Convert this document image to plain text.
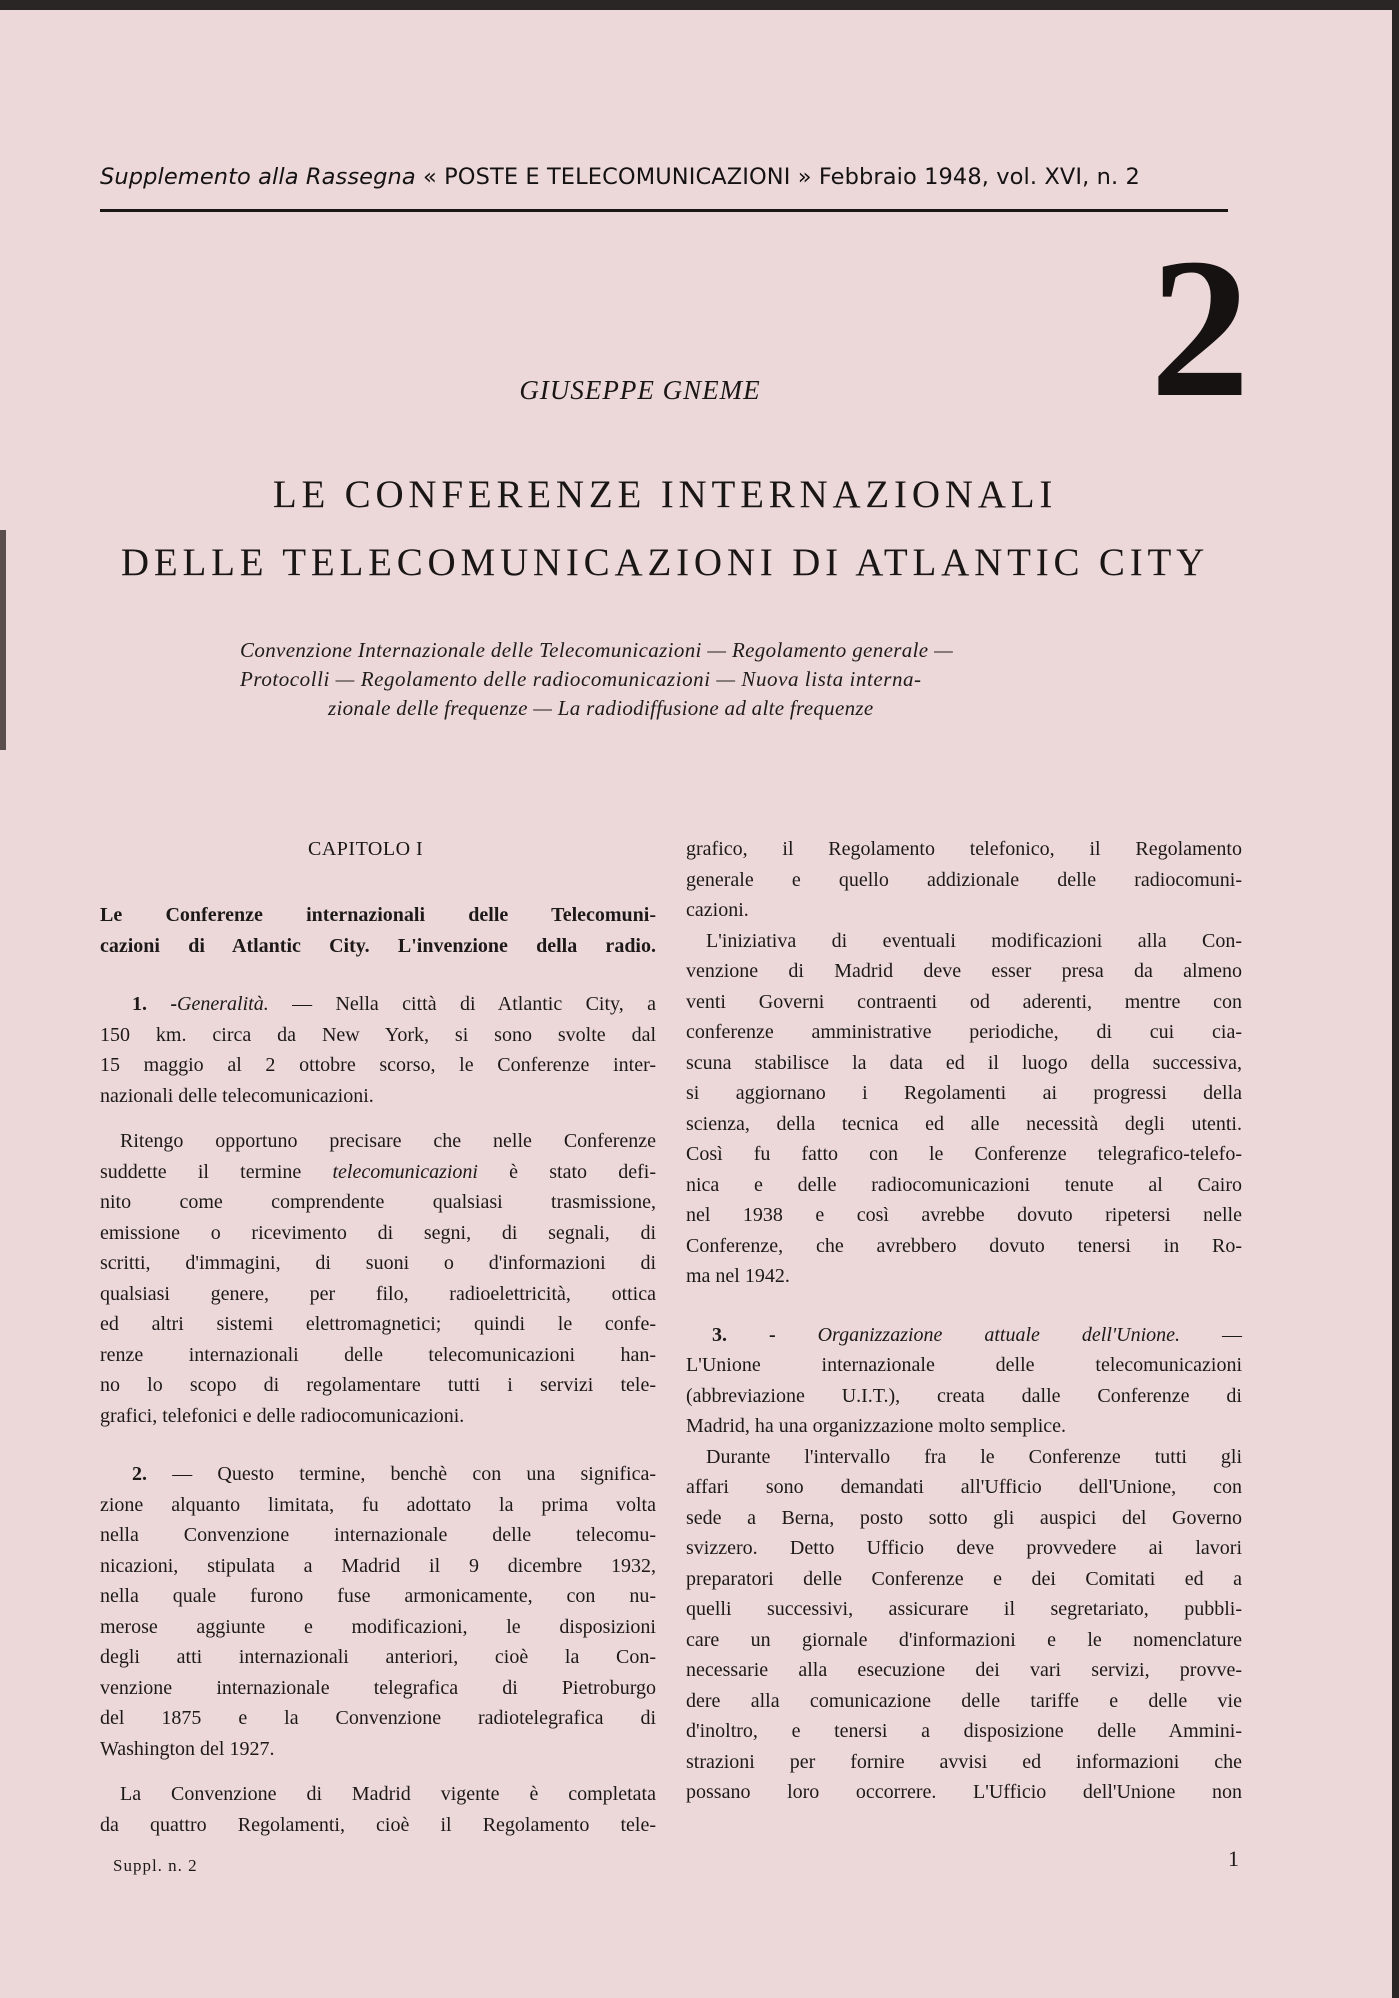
Supplemento alla Rassegna « POSTE E TELECOMUNICAZIONI » Febbraio 1948, vol. XVI, n. 2
2
GIUSEPPE GNEME
LE CONFERENZE INTERNAZIONALI
DELLE TELECOMUNICAZIONI DI ATLANTIC CITY
Convenzione Internazionale delle Telecomunicazioni — Regolamento generale —
Protocolli — Regolamento delle radiocomunicazioni — Nuova lista interna-
zionale delle frequenze — La radiodiffusione ad alte frequenze
CAPITOLO I
Le Conferenze internazionali delle Telecomuni-
cazioni di Atlantic City. L'invenzione della radio.
1. -Generalità. — Nella città di Atlantic City, a
150 km. circa da New York, si sono svolte dal
15 maggio al 2 ottobre scorso, le Conferenze inter-
nazionali delle telecomunicazioni.
Ritengo opportuno precisare che nelle Conferenze
suddette il termine telecomunicazioni è stato defi-
nito come comprendente qualsiasi trasmissione,
emissione o ricevimento di segni, di segnali, di
scritti, d'immagini, di suoni o d'informazioni di
qualsiasi genere, per filo, radioelettricità, ottica
ed altri sistemi elettromagnetici; quindi le confe-
renze internazionali delle telecomunicazioni han-
no lo scopo di regolamentare tutti i servizi tele-
grafici, telefonici e delle radiocomunicazioni.
2. — Questo termine, benchè con una significa-
zione alquanto limitata, fu adottato la prima volta
nella Convenzione internazionale delle telecomu-
nicazioni, stipulata a Madrid il 9 dicembre 1932,
nella quale furono fuse armonicamente, con nu-
merose aggiunte e modificazioni, le disposizioni
degli atti internazionali anteriori, cioè la Con-
venzione internazionale telegrafica di Pietroburgo
del 1875 e la Convenzione radiotelegrafica di
Washington del 1927.
La Convenzione di Madrid vigente è completata
da quattro Regolamenti, cioè il Regolamento tele-
grafico, il Regolamento telefonico, il Regolamento
generale e quello addizionale delle radiocomuni-
cazioni.
L'iniziativa di eventuali modificazioni alla Con-
venzione di Madrid deve esser presa da almeno
venti Governi contraenti od aderenti, mentre con
conferenze amministrative periodiche, di cui cia-
scuna stabilisce la data ed il luogo della successiva,
si aggiornano i Regolamenti ai progressi della
scienza, della tecnica ed alle necessità degli utenti.
Così fu fatto con le Conferenze telegrafico-telefo-
nica e delle radiocomunicazioni tenute al Cairo
nel 1938 e così avrebbe dovuto ripetersi nelle
Conferenze, che avrebbero dovuto tenersi in Ro-
ma nel 1942.
3. - Organizzazione attuale dell'Unione. —
L'Unione internazionale delle telecomunicazioni
(abbreviazione U.I.T.), creata dalle Conferenze di
Madrid, ha una organizzazione molto semplice.
Durante l'intervallo fra le Conferenze tutti gli
affari sono demandati all'Ufficio dell'Unione, con
sede a Berna, posto sotto gli auspici del Governo
svizzero. Detto Ufficio deve provvedere ai lavori
preparatori delle Conferenze e dei Comitati ed a
quelli successivi, assicurare il segretariato, pubbli-
care un giornale d'informazioni e le nomenclature
necessarie alla esecuzione dei vari servizi, provve-
dere alla comunicazione delle tariffe e delle vie
d'inoltro, e tenersi a disposizione delle Ammini-
strazioni per fornire avvisi ed informazioni che
possano loro occorrere. L'Ufficio dell'Unione non
Suppl. n. 2	1
